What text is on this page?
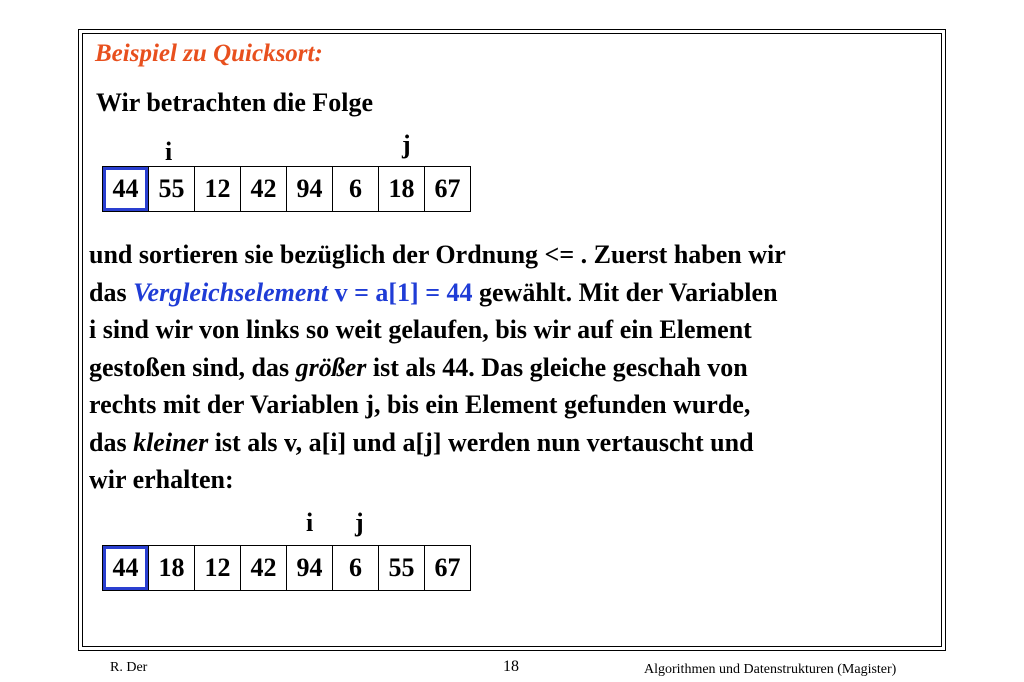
Beispiel zu Quicksort:
Wir betrachten die Folge
i	j
44 55 12 42 94	6	18 67
und sortieren sie bezüglich der Ordnung <= . Zuerst haben wir
das Vergleichselement v = a[1] = 44 gewählt. Mit der Variablen
i sind wir von links so weit gelaufen, bis wir auf ein Element
gestoßen sind, das größer ist als 44. Das gleiche geschah von
rechts mit der Variablen j, bis ein Element gefunden wurde,
das kleiner ist als v, a[i] und a[j] werden nun vertauscht und
wir erhalten:
i j
44 18 12 42 94	6	55 67
R. Der	18	Algorithmen und Datenstrukturen (Magister)
